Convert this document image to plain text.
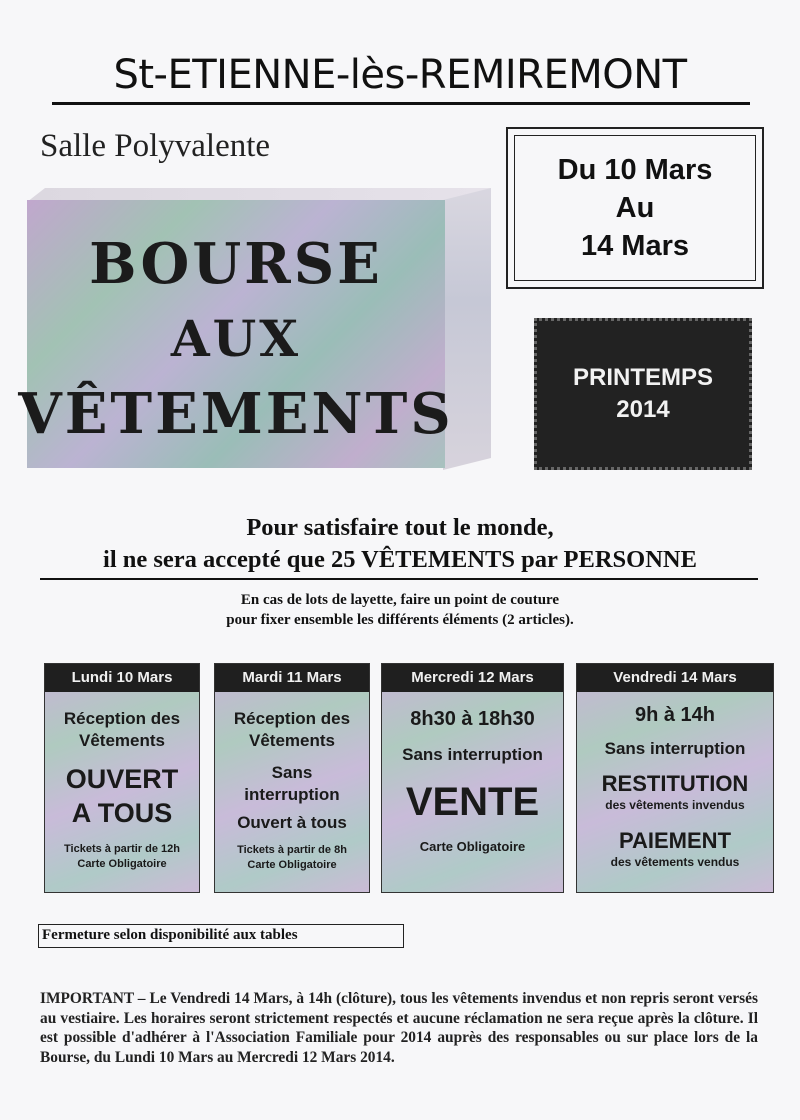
St-ETIENNE-lès-REMIREMONT
Salle Polyvalente
Du 10 Mars
Au
14 Mars
BOURSE
AUX
VÊTEMENTS
PRINTEMPS
2014
Pour satisfaire tout le monde,
il ne sera accepté que 25 VÊTEMENTS par PERSONNE
En cas de lots de layette, faire un point de couture
pour fixer ensemble les différents éléments (2 articles).
Lundi 10 Mars
Réception des
Vêtements
OUVERT
A TOUS
Tickets à partir de 12h
Carte Obligatoire
Mardi 11 Mars
Réception des
Vêtements
Sans
interruption
Ouvert à tous
Tickets à partir de 8h
Carte Obligatoire
Mercredi 12 Mars
8h30 à 18h30
Sans interruption
VENTE
Carte Obligatoire
Vendredi 14 Mars
9h à 14h
Sans interruption
RESTITUTION
des vêtements invendus
PAIEMENT
des vêtements vendus
Fermeture selon disponibilité aux tables
IMPORTANT – Le Vendredi 14 Mars, à 14h (clôture), tous les vêtements invendus et non repris seront versés au vestiaire. Les horaires seront strictement respectés et aucune réclamation ne sera reçue après la clôture. Il est possible d'adhérer à l'Association Familiale pour 2014 auprès des responsables ou sur place lors de la Bourse, du Lundi 10 Mars au Mercredi 12 Mars 2014.
